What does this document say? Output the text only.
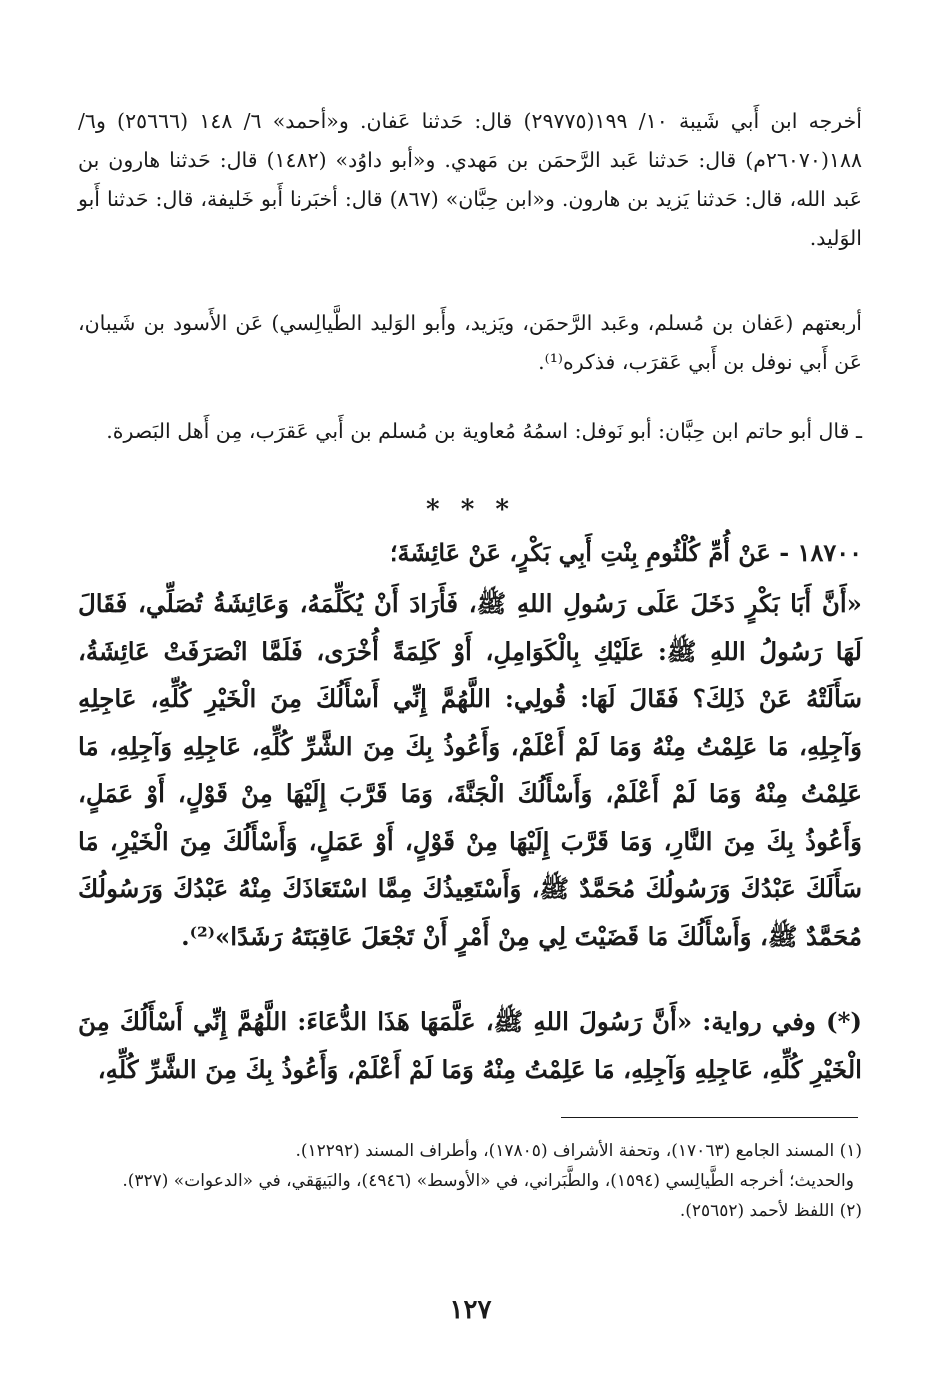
أخرجه ابن أَبي شَيبة ١٠/ ١٩٩(٢٩٧٧٥) قال: حَدثنا عَفان. و«أحمد» ٦/ ١٤٨ (٢٥٦٦٦) و٦/ ١٨٨(٢٦٠٧٠م) قال: حَدثنا عَبد الرَّحمَن بن مَهدي. و«أبو داوُد» (١٤٨٢) قال: حَدثنا هارون بن عَبد الله، قال: حَدثنا يَزيد بن هارون. و«ابن حِبَّان» (٨٦٧) قال: أخبَرنا أَبو خَليفة، قال: حَدثنا أَبو الوَليد.

أربعتهم (عَفان بن مُسلم، وعَبد الرَّحمَن، ويَزيد، وأَبو الوَليد الطَّيالِسي) عَن الأَسود بن شَيبان، عَن أَبي نوفل بن أَبي عَقرَب، فذكره⁽¹⁾.

ـ قال أبو حاتم ابن حِبَّان: أبو نَوفل: اسمُهُ مُعاوية بن مُسلم بن أَبي عَقرَب، مِن أَهل البَصرة.

* * *

١٨٧٠٠ - عَنْ أُمِّ كُلْثُومِ بِنْتِ أَبِي بَكْرٍ، عَنْ عَائِشَةَ؛

«أَنَّ أَبَا بَكْرٍ دَخَلَ عَلَى رَسُولِ اللهِ ﷺ، فَأَرَادَ أَنْ يُكَلِّمَهُ، وَعَائِشَةُ تُصَلِّي، فَقَالَ لَهَا رَسُولُ اللهِ ﷺ: عَلَيْكِ بِالْكَوَامِلِ، أَوْ كَلِمَةً أُخْرَى، فَلَمَّا انْصَرَفَتْ عَائِشَةُ، سَأَلَتْهُ عَنْ ذَلِكَ؟ فَقَالَ لَهَا: قُولِي: اللَّهُمَّ إِنِّي أَسْأَلُكَ مِنَ الْخَيْرِ كُلِّهِ، عَاجِلِهِ وَآجِلِهِ، مَا عَلِمْتُ مِنْهُ وَمَا لَمْ أَعْلَمْ، وَأَعُوذُ بِكَ مِنَ الشَّرِّ كُلِّهِ، عَاجِلِهِ وَآجِلِهِ، مَا عَلِمْتُ مِنْهُ وَمَا لَمْ أَعْلَمْ، وَأَسْأَلُكَ الْجَنَّةَ، وَمَا قَرَّبَ إِلَيْهَا مِنْ قَوْلٍ، أَوْ عَمَلٍ، وَأَعُوذُ بِكَ مِنَ النَّارِ، وَمَا قَرَّبَ إِلَيْهَا مِنْ قَوْلٍ، أَوْ عَمَلٍ، وَأَسْأَلُكَ مِنَ الْخَيْرِ، مَا سَأَلَكَ عَبْدُكَ وَرَسُولُكَ مُحَمَّدٌ ﷺ، وَأَسْتَعِيذُكَ مِمَّا اسْتَعَاذَكَ مِنْهُ عَبْدُكَ وَرَسُولُكَ مُحَمَّدٌ ﷺ، وَأَسْأَلُكَ مَا قَضَيْتَ لِي مِنْ أَمْرٍ أَنْ تَجْعَلَ عَاقِبَتَهُ رَشَدًا»⁽²⁾.

(*) وفي رواية: «أَنَّ رَسُولَ اللهِ ﷺ، عَلَّمَهَا هَذَا الدُّعَاءَ: اللَّهُمَّ إِنِّي أَسْأَلُكَ مِنَ الْخَيْرِ كُلِّهِ، عَاجِلِهِ وَآجِلِهِ، مَا عَلِمْتُ مِنْهُ وَمَا لَمْ أَعْلَمْ، وَأَعُوذُ بِكَ مِنَ الشَّرِّ كُلِّهِ،

(١) المسند الجامع (١٧٠٦٣)، وتحفة الأشراف (١٧٨٠٥)، وأطراف المسند (١٢٢٩٢).

والحديث؛ أخرجه الطَّيالِسي (١٥٩٤)، والطَّبَراني، في «الأوسط» (٤٩٤٦)، والبَيهَقي، في «الدعوات» (٣٢٧).

(٢) اللفظ لأحمد (٢٥٦٥٢).

١٢٧
